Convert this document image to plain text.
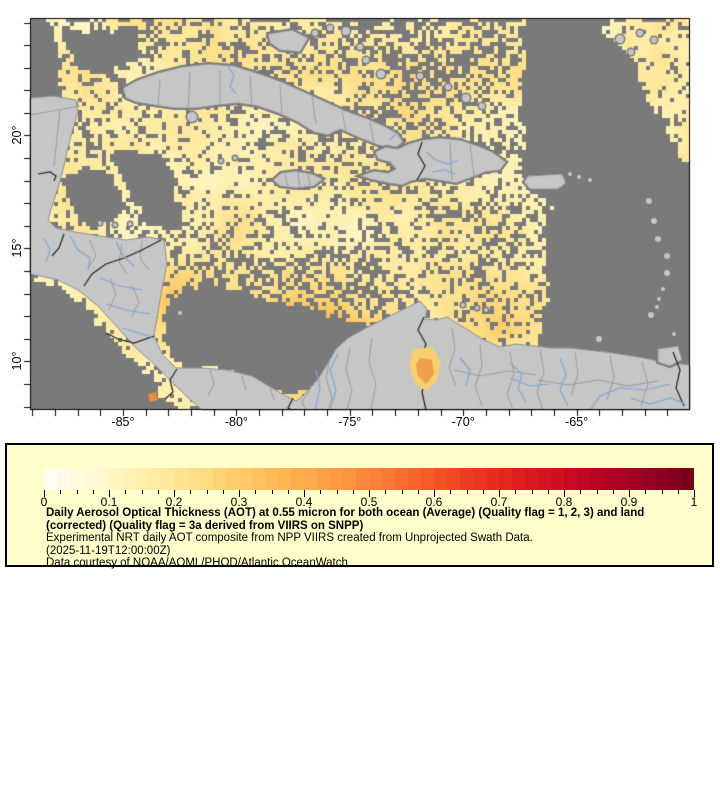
-85°	-80°	-75°	-70°	-65°
20°
15°
10°
0	0.1	0.2	0.3	0.4	0.5	0.6	0.7	0.8	0.9	1
Daily Aerosol Optical Thickness (AOT) at 0.55 micron for both ocean (Average) (Quality flag = 1, 2, 3) and land (corrected) (Quality flag = 3a derived from VIIRS on SNPP)
Experimental NRT daily AOT composite from NPP VIIRS created from Unprojected Swath Data.
(2025-11-19T12:00:00Z)
Data courtesy of NOAA/AOML/PHOD/Atlantic OceanWatch
